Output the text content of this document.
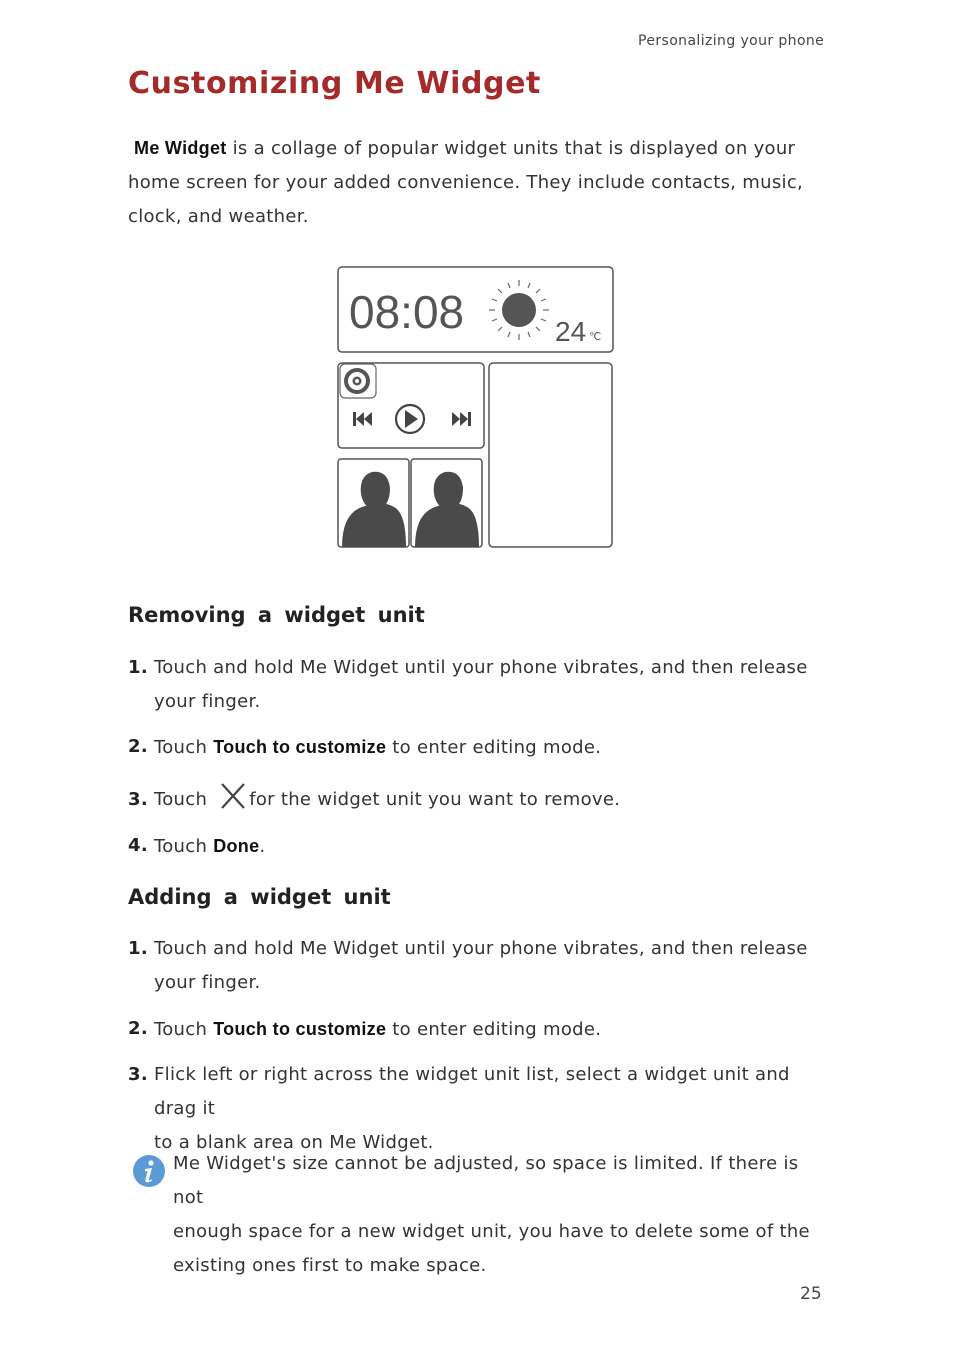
Personalizing your phone
Customizing Me Widget
Me Widget is a collage of popular widget units that is displayed on your
home screen for your added convenience. They include contacts, music,
clock, and weather.
08:08	24 ℃
Removing a widget unit
1. Touch and hold Me Widget until your phone vibrates, and then release
your finger.
2. Touch Touch to customize to enter editing mode.
3. Touch for the widget unit you want to remove.
4. Touch Done.
Adding a widget unit
1. Touch and hold Me Widget until your phone vibrates, and then release
your finger.
2. Touch Touch to customize to enter editing mode.
3. Flick left or right across the widget unit list, select a widget unit and drag it
to a blank area on Me Widget.
Me Widget's size cannot be adjusted, so space is limited. If there is not
enough space for a new widget unit, you have to delete some of the
existing ones first to make space.
25
